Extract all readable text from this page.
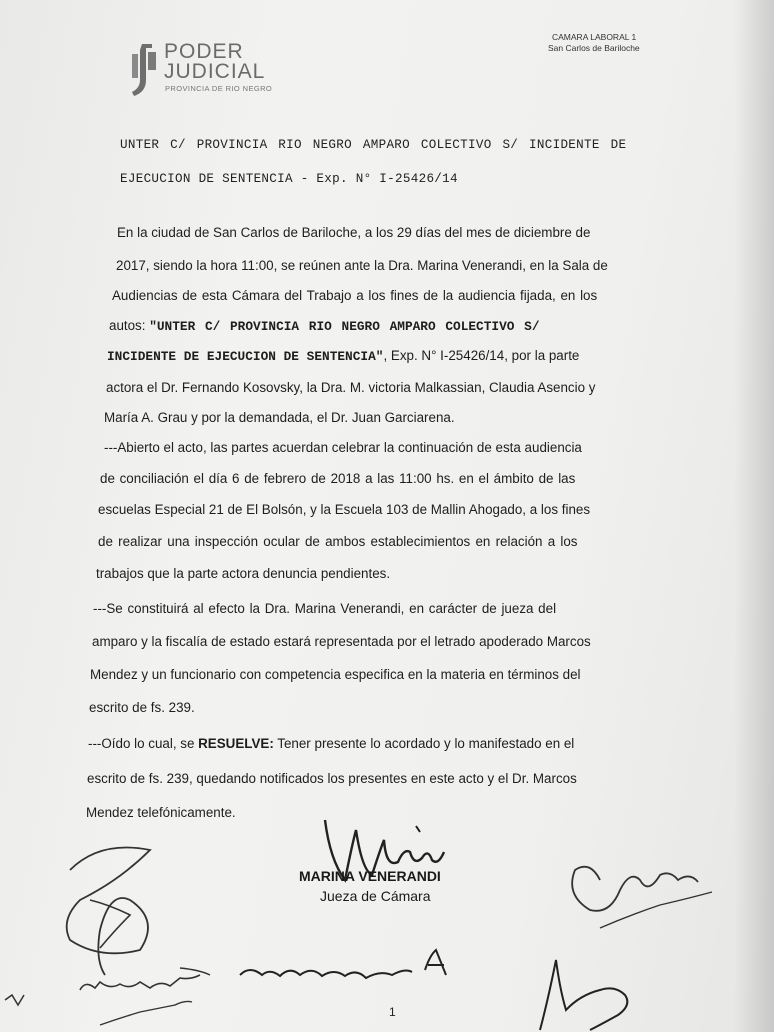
PODER
JUDICIAL
PROVINCIA DE RIO NEGRO
CAMARA LABORAL 1
San Carlos de Bariloche
UNTER C/ PROVINCIA RIO NEGRO AMPARO COLECTIVO S/ INCIDENTE DE
EJECUCION DE SENTENCIA - Exp. N° I-25426/14
En la ciudad de San Carlos de Bariloche, a los 29 días del mes de diciembre de
2017, siendo la hora 11:00, se reúnen ante la Dra. Marina Venerandi, en la Sala de
Audiencias de esta Cámara del Trabajo a los fines de la audiencia fijada, en los
autos: "UNTER C/ PROVINCIA RIO NEGRO AMPARO COLECTIVO S/
INCIDENTE DE EJECUCION DE SENTENCIA", Exp. N° I-25426/14, por la parte
actora el Dr. Fernando Kosovsky, la Dra. M. victoria Malkassian, Claudia Asencio y
María A. Grau y por la demandada, el Dr. Juan Garciarena.
---Abierto el acto, las partes acuerdan celebrar la continuación de esta audiencia
de conciliación el día 6 de febrero de 2018 a las 11:00 hs. en el ámbito de las
escuelas Especial 21 de El Bolsón, y la Escuela 103 de Mallin Ahogado, a los fines
de realizar una inspección ocular de ambos establecimientos en relación a los
trabajos que la parte actora denuncia pendientes.
---Se constituirá al efecto la Dra. Marina Venerandi, en carácter de jueza del
amparo y la fiscalía de estado estará representada por el letrado apoderado Marcos
Mendez y un funcionario con competencia especifica en la materia en términos del
escrito de fs. 239.
---Oído lo cual, se RESUELVE: Tener presente lo acordado y lo manifestado en el
escrito de fs. 239, quedando notificados los presentes en este acto y el Dr. Marcos
Mendez telefónicamente.
MARINA VENERANDI
Jueza de Cámara
1
